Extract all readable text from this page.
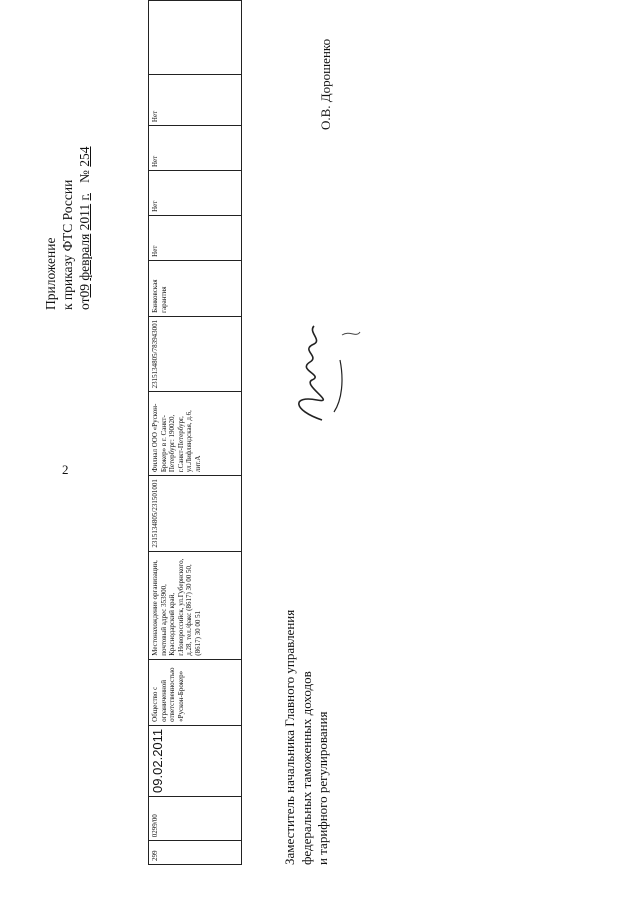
2
Приложение к приказу ФТС России от09 февраля 2011 г.   № 254
299	0299/00	09.02.2011	Общество с ограниченной ответственностью «Рускон-Брокер»	Местонахождение организации, почтовый адрес 353900, Краснодарский край, г.Новороссийск, ул.Губернского, д.28, тел./факс (8617) 30 00 50, (8617) 30 00 51	2315134805/231501001	Филиал ООО «Рускон-Брокер» в г. Санкт-Петербург: 190020, г.Санкт-Петербург, ул.Лифляндская, д.6, лит.А	2315134805/783943001	Банковская гарантия	Нет	Нет	Нет	Нет	
Заместитель начальника Главного управления федеральных таможенных доходов и тарифного регулирования
О.В. Дорошенко
